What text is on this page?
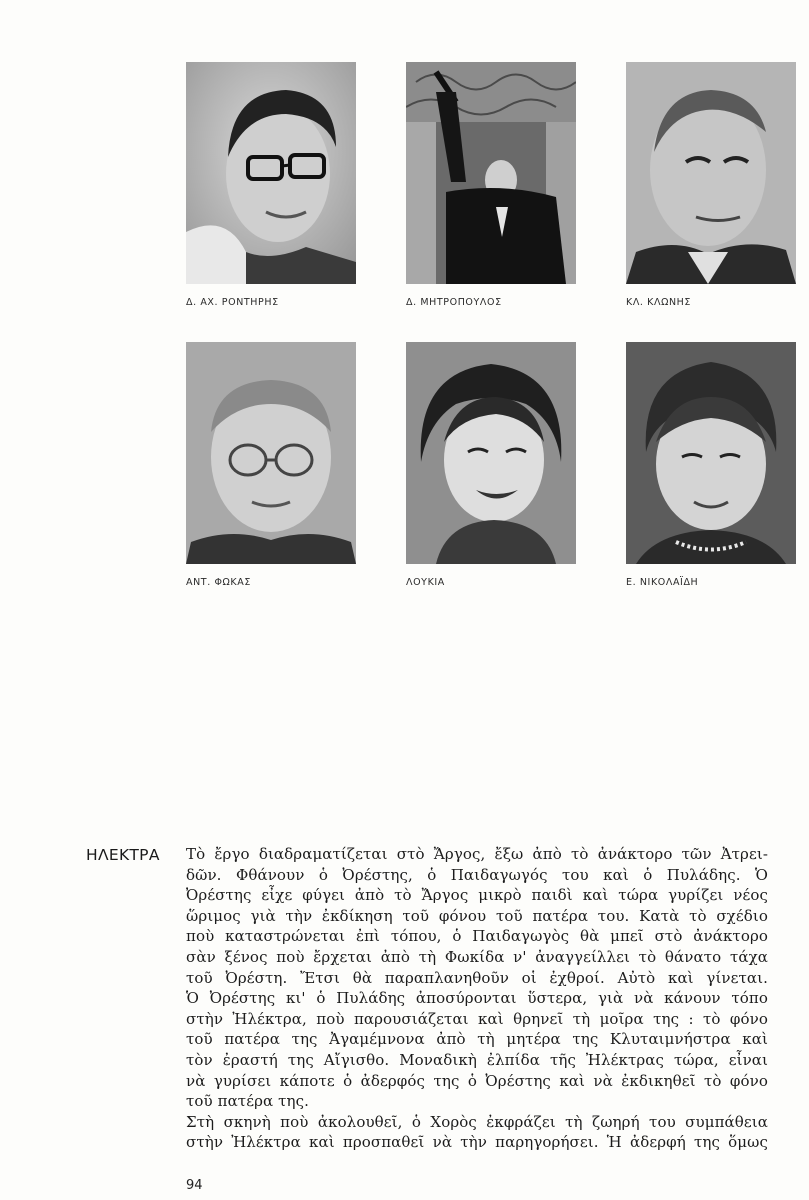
Δ. ΑΧ. ΡΟΝΤΗΡΗΣ	Δ. ΜΗΤΡΟΠΟΥΛΟΣ	ΚΛ. ΚΛΩΝΗΣ
ΑΝΤ. ΦΩΚΑΣ	ΛΟΥΚΙΑ	Ε. ΝΙΚΟΛΑΪΔΗ
ΗΛΕΚΤΡΑ Τὸ ἔργο διαδραματίζεται στὸ Ἄργος, ἔξω ἀπὸ τὸ ἀνάκτορο τῶν Ἀτρει-
δῶν. Φθάνουν ὁ Ὀρέστης, ὁ Παιδαγωγός του καὶ ὁ Πυλάδης. Ὁ
Ὀρέστης εἶχε φύγει ἀπὸ τὸ Ἄργος μικρὸ παιδὶ καὶ τώρα γυρίζει νέος
ὥριμος γιὰ τὴν ἐκδίκηση τοῦ φόνου τοῦ πατέρα του. Κατὰ τὸ σχέδιο
ποὺ καταστρώνεται ἐπὶ τόπου, ὁ Παιδαγωγὸς θὰ μπεῖ στὸ ἀνάκτορο
σὰν ξένος ποὺ ἔρχεται ἀπὸ τὴ Φωκίδα ν' ἀναγγείλλει τὸ θάνατο τάχα
τοῦ Ὀρέστη. Ἔτσι θὰ παραπλανηθοῦν οἱ ἐχθροί. Αὐτὸ καὶ γίνεται.
Ὁ Ὀρέστης κι' ὁ Πυλάδης ἀποσύρονται ὕστερα, γιὰ νὰ κάνουν τόπο
στὴν Ἠλέκτρα, ποὺ παρουσιάζεται καὶ θρηνεῖ τὴ μοῖρα της : τὸ φόνο
τοῦ πατέρα της Ἀγαμέμνονα ἀπὸ τὴ μητέρα της Κλυταιμνήστρα καὶ
τὸν ἐραστή της Αἴγισθο. Μοναδικὴ ἐλπίδα τῆς Ἠλέκτρας τώρα, εἶναι
νὰ γυρίσει κάποτε ὁ ἀδερφός της ὁ Ὀρέστης καὶ νὰ ἐκδικηθεῖ τὸ φόνο
τοῦ πατέρα της.
Στὴ σκηνὴ ποὺ ἀκολουθεῖ, ὁ Χορὸς ἐκφράζει τὴ ζωηρή του συμπάθεια
στὴν Ἠλέκτρα καὶ προσπαθεῖ νὰ τὴν παρηγορήσει. Ἡ ἀδερφή της ὅμως
94
